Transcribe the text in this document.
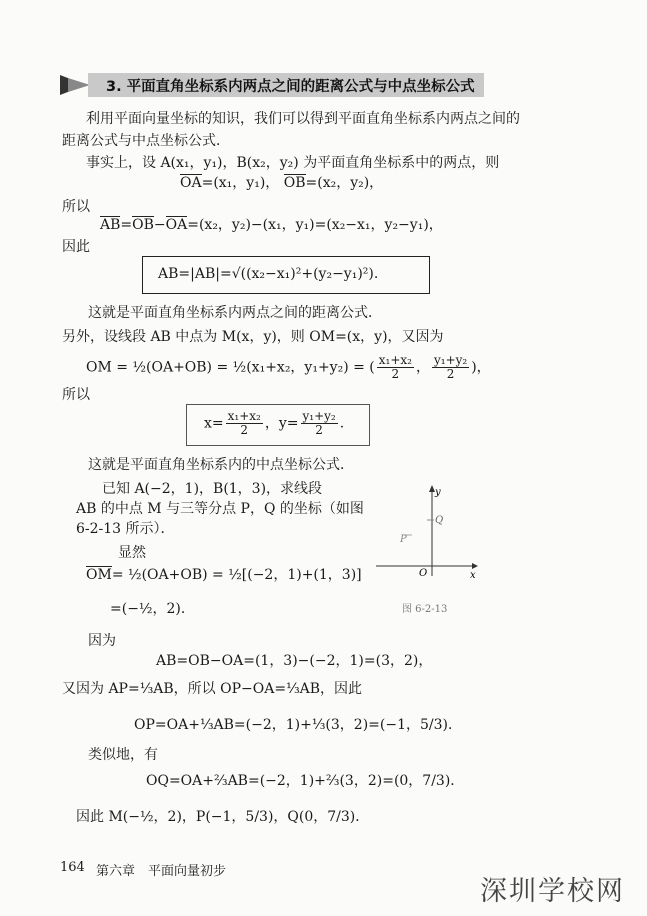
3. 平面直角坐标系内两点之间的距离公式与中点坐标公式
利用平面向量坐标的知识，我们可以得到平面直角坐标系内两点之间的
距离公式与中点坐标公式．
事实上，设 A(x₁，y₁)，B(x₂，y₂) 为平面直角坐标系中的两点，则
OA=(x₁，y₁)， OB=(x₂，y₂)，
所以
AB=OB−OA=(x₂，y₂)−(x₁，y₁)=(x₂−x₁，y₂−y₁)，
因此
AB=|AB|=√((x₂−x₁)²+(y₂−y₁)²).
这就是平面直角坐标系内两点之间的距离公式．
另外，设线段 AB 中点为 M(x，y)，则 OM=(x，y)，又因为
OM = ½(OA+OB) = ½(x₁+x₂，y₁+y₂) = ( $\frac{\text{x₁+x₂}}{2}$ ， $\frac{\text{y₁+y₂}}{2}$ )，
所以
$x= \frac{\text{x₁+x₂}}{2}$ ，$y= \frac{\text{y₁+y₂}}{2}$ .
这就是平面直角坐标系内的中点坐标公式．
已知 A(−2，1)，B(1，3)，求线段
AB 的中点 M 与三等分点 P，Q 的坐标（如图
6-2-13 所示）．
显然
OM= ½(OA+OB) = ½[(−2，1)+(1，3)]
=(−½，2)．
y
x
O
Q
P
图 6-2-13
因为
AB=OB−OA=(1，3)−(−2，1)=(3，2)，
又因为 AP=⅓AB，所以 OP−OA=⅓AB，因此
OP=OA+⅓AB=(−2，1)+⅓(3，2)=(−1，5/3)．
类似地，有
OQ=OA+⅔AB=(−2，1)+⅔(3，2)=(0，7/3)．
因此 M(−½，2)，P(−1，5/3)，Q(0，7/3)．
164 第六章　平面向量初步
深圳学校网
